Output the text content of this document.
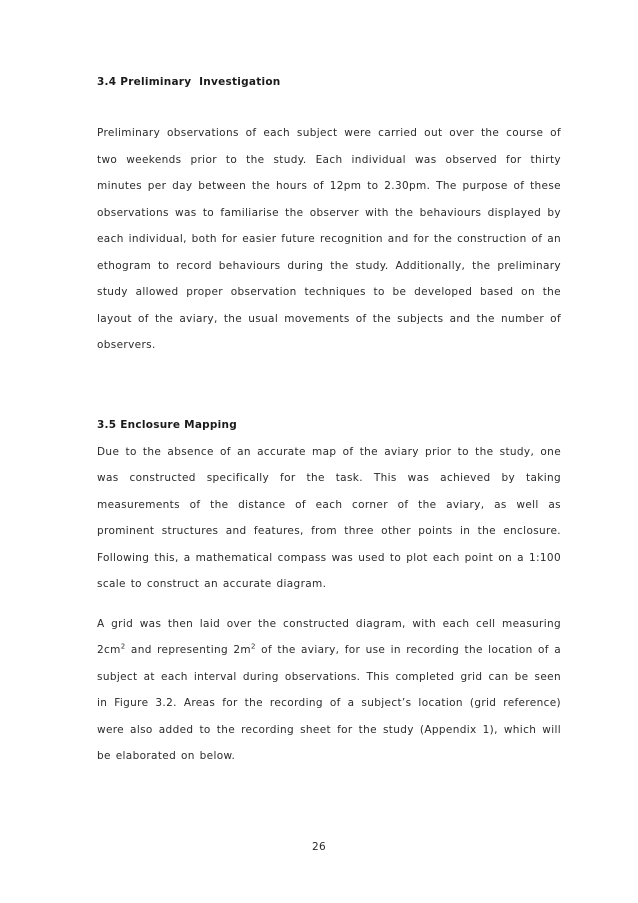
3.4 Preliminary  Investigation

Preliminary observations of each subject were carried out over the course of two weekends prior to the study. Each individual was observed for thirty minutes per day between the hours of 12pm to 2.30pm. The purpose of these observations was to familiarise the observer with the behaviours displayed by each individual, both for easier future recognition and for the construction of an ethogram to record behaviours during the study. Additionally, the preliminary study allowed proper observation techniques to be developed based on the layout of the aviary, the usual movements of the subjects and the number of observers.

3.5 Enclosure Mapping

Due to the absence of an accurate map of the aviary prior to the study, one was constructed specifically for the task. This was achieved by taking measurements of the distance of each corner of the aviary, as well as prominent structures and features, from three other points in the enclosure. Following this, a mathematical compass was used to plot each point on a 1:100 scale to construct an accurate diagram.

A grid was then laid over the constructed diagram, with each cell measuring $2cm^2$ and representing $2m^2$ of the aviary, for use in recording the location of a subject at each interval during observations. This completed grid can be seen in Figure 3.2. Areas for the recording of a subject’s location (grid reference) were also added to the recording sheet for the study (Appendix 1), which will be elaborated on below.

26
